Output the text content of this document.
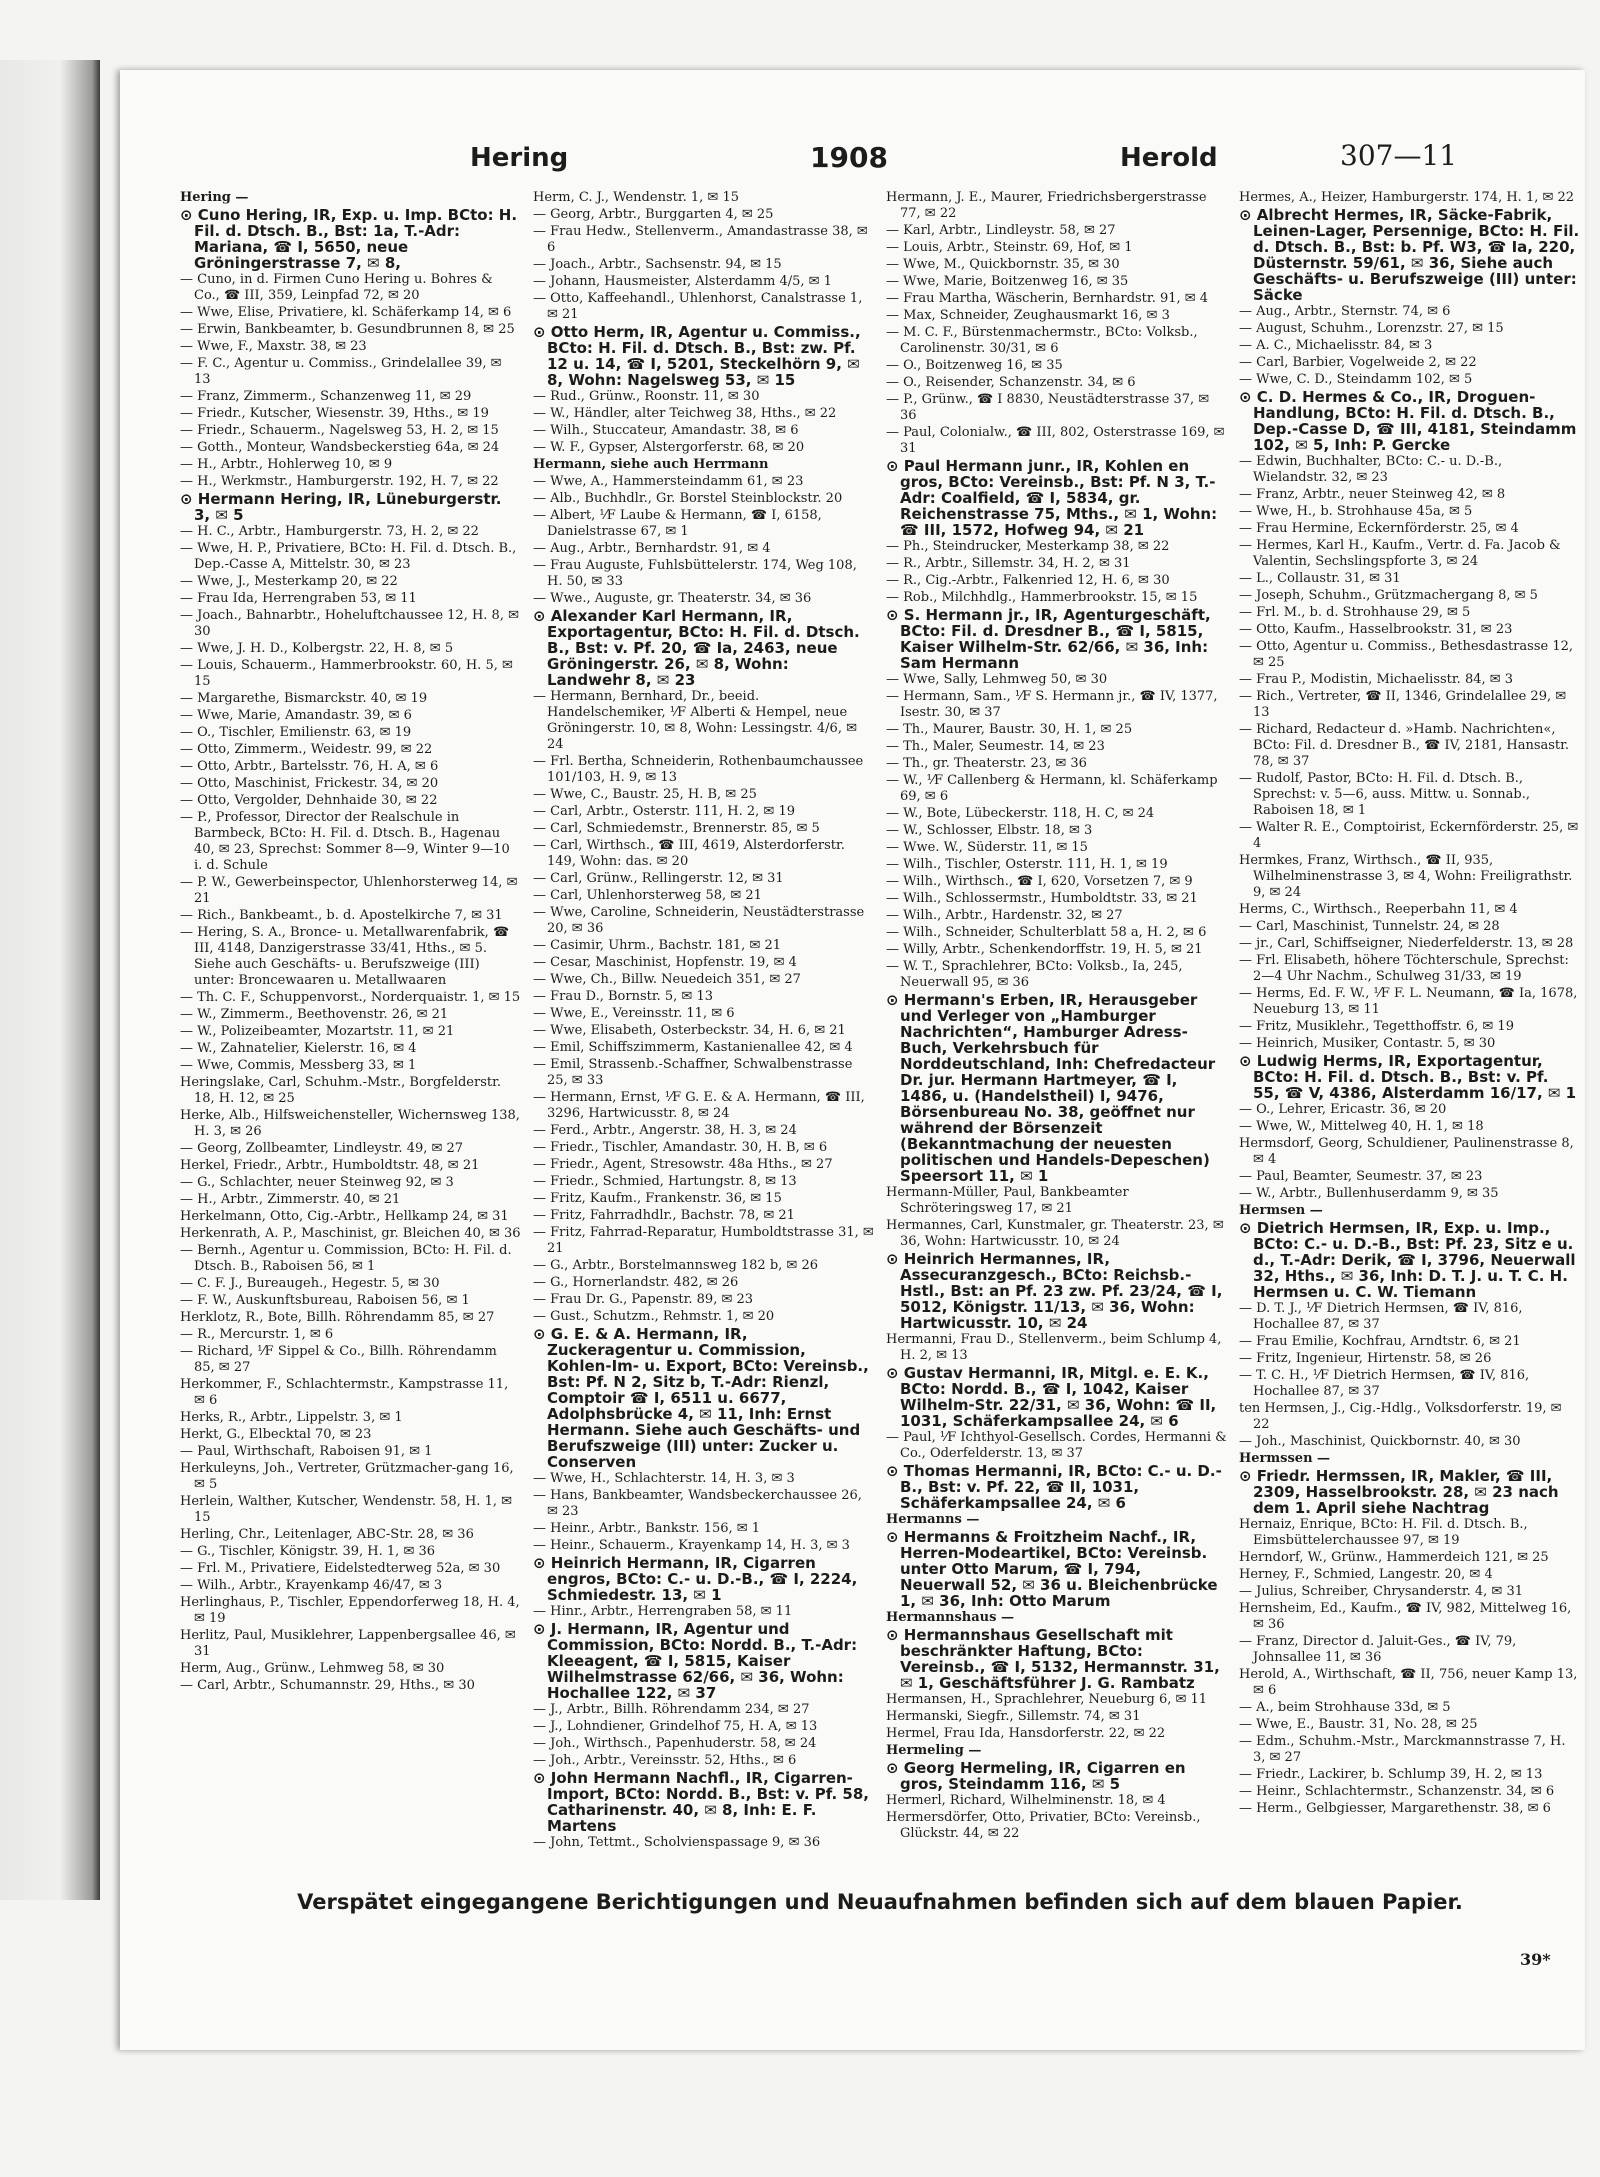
Hering	1908	Herold	307—11

Hering —

⊙ Cuno Hering, IR, Exp. u. Imp. BCto: H. Fil. d. Dtsch. B., Bst: 1a, T.-Adr: Mariana, ☎ I, 5650, neue Gröningerstrasse 7, ✉ 8,

— Cuno, in d. Firmen Cuno Hering u. Bohres & Co., ☎ III, 359, Leinpfad 72, ✉ 20

— Wwe, Elise, Privatiere, kl. Schäferkamp 14, ✉ 6

— Erwin, Bankbeamter, b. Gesundbrunnen 8, ✉ 25

— Wwe, F., Maxstr. 38, ✉ 23

— F. C., Agentur u. Commiss., Grindelallee 39, ✉ 13

— Franz, Zimmerm., Schanzenweg 11, ✉ 29

— Friedr., Kutscher, Wiesenstr. 39, Hths., ✉ 19

— Friedr., Schauerm., Nagelsweg 53, H. 2, ✉ 15

— Gotth., Monteur, Wandsbeckerstieg 64a, ✉ 24

— H., Arbtr., Hohlerweg 10, ✉ 9

— H., Werkmstr., Hamburgerstr. 192, H. 7, ✉ 22

⊙ Hermann Hering, IR, Lüneburgerstr. 3, ✉ 5

— H. C., Arbtr., Hamburgerstr. 73, H. 2, ✉ 22

— Wwe, H. P., Privatiere, BCto: H. Fil. d. Dtsch. B., Dep.-Casse A, Mittelstr. 30, ✉ 23

— Wwe, J., Mesterkamp 20, ✉ 22

— Frau Ida, Herrengraben 53, ✉ 11

— Joach., Bahnarbtr., Hoheluftchaussee 12, H. 8, ✉ 30

— Wwe, J. H. D., Kolbergstr. 22, H. 8, ✉ 5

— Louis, Schauerm., Hammerbrookstr. 60, H. 5, ✉ 15

— Margarethe, Bismarckstr. 40, ✉ 19

— Wwe, Marie, Amandastr. 39, ✉ 6

— O., Tischler, Emilienstr. 63, ✉ 19

— Otto, Zimmerm., Weidestr. 99, ✉ 22

— Otto, Arbtr., Bartelsstr. 76, H. A, ✉ 6

— Otto, Maschinist, Frickestr. 34, ✉ 20

— Otto, Vergolder, Dehnhaide 30, ✉ 22

— P., Professor, Director der Realschule in Barmbeck, BCto: H. Fil. d. Dtsch. B., Hagenau 40, ✉ 23, Sprechst: Sommer 8—9, Winter 9—10 i. d. Schule

— P. W., Gewerbeinspector, Uhlenhorsterweg 14, ✉ 21

— Rich., Bankbeamt., b. d. Apostelkirche 7, ✉ 31

— Hering, S. A., Bronce- u. Metallwarenfabrik, ☎ III, 4148, Danzigerstrasse 33/41, Hths., ✉ 5. Siehe auch Geschäfts- u. Berufszweige (III) unter: Broncewaaren u. Metallwaaren

— Th. C. F., Schuppenvorst., Norderquaistr. 1, ✉ 15

— W., Zimmerm., Beethovenstr. 26, ✉ 21

— W., Polizeibeamter, Mozartstr. 11, ✉ 21

— W., Zahnatelier, Kielerstr. 16, ✉ 4

— Wwe, Commis, Messberg 33, ✉ 1

Heringslake, Carl, Schuhm.-Mstr., Borgfelderstr. 18, H. 12, ✉ 25

Herke, Alb., Hilfsweichensteller, Wichernsweg 138, H. 3, ✉ 26

— Georg, Zollbeamter, Lindleystr. 49, ✉ 27

Herkel, Friedr., Arbtr., Humboldtstr. 48, ✉ 21

— G., Schlachter, neuer Steinweg 92, ✉ 3

— H., Arbtr., Zimmerstr. 40, ✉ 21

Herkelmann, Otto, Cig.-Arbtr., Hellkamp 24, ✉ 31

Herkenrath, A. P., Maschinist, gr. Bleichen 40, ✉ 36

— Bernh., Agentur u. Commission, BCto: H. Fil. d. Dtsch. B., Raboisen 56, ✉ 1

— C. F. J., Bureaugeh., Hegestr. 5, ✉ 30

— F. W., Auskunftsbureau, Raboisen 56, ✉ 1

Herklotz, R., Bote, Billh. Röhrendamm 85, ✉ 27

— R., Mercurstr. 1, ✉ 6

— Richard, ⅟F Sippel & Co., Billh. Röhrendamm 85, ✉ 27

Herkommer, F., Schlachtermstr., Kampstrasse 11, ✉ 6

Herks, R., Arbtr., Lippelstr. 3, ✉ 1

Herkt, G., Elbecktal 70, ✉ 23

— Paul, Wirthschaft, Raboisen 91, ✉ 1

Herkuleyns, Joh., Vertreter, Grützmacher-gang 16, ✉ 5

Herlein, Walther, Kutscher, Wendenstr. 58, H. 1, ✉ 15

Herling, Chr., Leitenlager, ABC-Str. 28, ✉ 36

— G., Tischler, Königstr. 39, H. 1, ✉ 36

— Frl. M., Privatiere, Eidelstedterweg 52a, ✉ 30

— Wilh., Arbtr., Krayenkamp 46/47, ✉ 3

Herlinghaus, P., Tischler, Eppendorferweg 18, H. 4, ✉ 19

Herlitz, Paul, Musiklehrer, Lappenbergsallee 46, ✉ 31

Herm, Aug., Grünw., Lehmweg 58, ✉ 30

— Carl, Arbtr., Schumannstr. 29, Hths., ✉ 30

Herm, C. J., Wendenstr. 1, ✉ 15

— Georg, Arbtr., Burggarten 4, ✉ 25

— Frau Hedw., Stellenverm., Amandastrasse 38, ✉ 6

— Joach., Arbtr., Sachsenstr. 94, ✉ 15

— Johann, Hausmeister, Alsterdamm 4/5, ✉ 1

— Otto, Kaffeehandl., Uhlenhorst, Canalstrasse 1, ✉ 21

⊙ Otto Herm, IR, Agentur u. Commiss., BCto: H. Fil. d. Dtsch. B., Bst: zw. Pf. 12 u. 14, ☎ I, 5201, Steckelhörn 9, ✉ 8, Wohn: Nagelsweg 53, ✉ 15

— Rud., Grünw., Roonstr. 11, ✉ 30

— W., Händler, alter Teichweg 38, Hths., ✉ 22

— Wilh., Stuccateur, Amandastr. 38, ✉ 6

— W. F., Gypser, Alstergorferstr. 68, ✉ 20

Hermann, siehe auch Herrmann

— Wwe, A., Hammersteindamm 61, ✉ 23

— Alb., Buchhdlr., Gr. Borstel Steinblockstr. 20

— Albert, ⅟F Laube & Hermann, ☎ I, 6158, Danielstrasse 67, ✉ 1

— Aug., Arbtr., Bernhardstr. 91, ✉ 4

— Frau Auguste, Fuhlsbüttelerstr. 174, Weg 108, H. 50, ✉ 33

— Wwe., Auguste, gr. Theaterstr. 34, ✉ 36

⊙ Alexander Karl Hermann, IR, Exportagentur, BCto: H. Fil. d. Dtsch. B., Bst: v. Pf. 20, ☎ Ia, 2463, neue Gröningerstr. 26, ✉ 8, Wohn: Landwehr 8, ✉ 23

— Hermann, Bernhard, Dr., beeid. Handelschemiker, ⅟F Alberti & Hempel, neue Gröningerstr. 10, ✉ 8, Wohn: Lessingstr. 4/6, ✉ 24

— Frl. Bertha, Schneiderin, Rothenbaumchaussee 101/103, H. 9, ✉ 13

— Wwe, C., Baustr. 25, H. B, ✉ 25

— Carl, Arbtr., Osterstr. 111, H. 2, ✉ 19

— Carl, Schmiedemstr., Brennerstr. 85, ✉ 5

— Carl, Wirthsch., ☎ III, 4619, Alsterdorferstr. 149, Wohn: das. ✉ 20

— Carl, Grünw., Rellingerstr. 12, ✉ 31

— Carl, Uhlenhorsterweg 58, ✉ 21

— Wwe, Caroline, Schneiderin, Neustädterstrasse 20, ✉ 36

— Casimir, Uhrm., Bachstr. 181, ✉ 21

— Cesar, Maschinist, Hopfenstr. 19, ✉ 4

— Wwe, Ch., Billw. Neuedeich 351, ✉ 27

— Frau D., Bornstr. 5, ✉ 13

— Wwe, E., Vereinsstr. 11, ✉ 6

— Wwe, Elisabeth, Osterbeckstr. 34, H. 6, ✉ 21

— Emil, Schiffszimmerm, Kastanienallee 42, ✉ 4

— Emil, Strassenb.-Schaffner, Schwalbenstrasse 25, ✉ 33

— Hermann, Ernst, ⅟F G. E. & A. Hermann, ☎ III, 3296, Hartwicusstr. 8, ✉ 24

— Ferd., Arbtr., Angerstr. 38, H. 3, ✉ 24

— Friedr., Tischler, Amandastr. 30, H. B, ✉ 6

— Friedr., Agent, Stresowstr. 48a Hths., ✉ 27

— Friedr., Schmied, Hartungstr. 8, ✉ 13

— Fritz, Kaufm., Frankenstr. 36, ✉ 15

— Fritz, Fahrradhdlr., Bachstr. 78, ✉ 21

— Fritz, Fahrrad-Reparatur, Humboldtstrasse 31, ✉ 21

— G., Arbtr., Borstelmannsweg 182 b, ✉ 26

— G., Hornerlandstr. 482, ✉ 26

— Frau Dr. G., Papenstr. 89, ✉ 23

— Gust., Schutzm., Rehmstr. 1, ✉ 20

⊙ G. E. & A. Hermann, IR, Zuckeragentur u. Commission, Kohlen-Im- u. Export, BCto: Vereinsb., Bst: Pf. N 2, Sitz b, T.-Adr: Rienzl, Comptoir ☎ I, 6511 u. 6677, Adolphsbrücke 4, ✉ 11, Inh: Ernst Hermann. Siehe auch Geschäfts- und Berufszweige (III) unter: Zucker u. Conserven

— Wwe, H., Schlachterstr. 14, H. 3, ✉ 3

— Hans, Bankbeamter, Wandsbeckerchaussee 26, ✉ 23

— Heinr., Arbtr., Bankstr. 156, ✉ 1

— Heinr., Schauerm., Krayenkamp 14, H. 3, ✉ 3

⊙ Heinrich Hermann, IR, Cigarren engros, BCto: C.- u. D.-B., ☎ I, 2224, Schmiedestr. 13, ✉ 1

— Hinr., Arbtr., Herrengraben 58, ✉ 11

⊙ J. Hermann, IR, Agentur und Commission, BCto: Nordd. B., T.-Adr: Kleeagent, ☎ I, 5815, Kaiser Wilhelmstrasse 62/66, ✉ 36, Wohn: Hochallee 122, ✉ 37

— J., Arbtr., Billh. Röhrendamm 234, ✉ 27

— J., Lohndiener, Grindelhof 75, H. A, ✉ 13

— Joh., Wirthsch., Papenhuderstr. 58, ✉ 24

— Joh., Arbtr., Vereinsstr. 52, Hths., ✉ 6

⊙ John Hermann Nachfl., IR, Cigarren-Import, BCto: Nordd. B., Bst: v. Pf. 58, Catharinenstr. 40, ✉ 8, Inh: E. F. Martens

— John, Tettmt., Scholvienspassage 9, ✉ 36

Hermann, J. E., Maurer, Friedrichsbergerstrasse 77, ✉ 22

— Karl, Arbtr., Lindleystr. 58, ✉ 27

— Louis, Arbtr., Steinstr. 69, Hof, ✉ 1

— Wwe, M., Quickbornstr. 35, ✉ 30

— Wwe, Marie, Boitzenweg 16, ✉ 35

— Frau Martha, Wäscherin, Bernhardstr. 91, ✉ 4

— Max, Schneider, Zeughausmarkt 16, ✉ 3

— M. C. F., Bürstenmachermstr., BCto: Volksb., Carolinenstr. 30/31, ✉ 6

— O., Boitzenweg 16, ✉ 35

— O., Reisender, Schanzenstr. 34, ✉ 6

— P., Grünw., ☎ I 8830, Neustädterstrasse 37, ✉ 36

— Paul, Colonialw., ☎ III, 802, Osterstrasse 169, ✉ 31

⊙ Paul Hermann junr., IR, Kohlen en gros, BCto: Vereinsb., Bst: Pf. N 3, T.-Adr: Coalfield, ☎ I, 5834, gr. Reichenstrasse 75, Mths., ✉ 1, Wohn: ☎ III, 1572, Hofweg 94, ✉ 21

— Ph., Steindrucker, Mesterkamp 38, ✉ 22

— R., Arbtr., Sillemstr. 34, H. 2, ✉ 31

— R., Cig.-Arbtr., Falkenried 12, H. 6, ✉ 30

— Rob., Milchhdlg., Hammerbrookstr. 15, ✉ 15

⊙ S. Hermann jr., IR, Agenturgeschäft, BCto: Fil. d. Dresdner B., ☎ I, 5815, Kaiser Wilhelm-Str. 62/66, ✉ 36, Inh: Sam Hermann

— Wwe, Sally, Lehmweg 50, ✉ 30

— Hermann, Sam., ⅟F S. Hermann jr., ☎ IV, 1377, Isestr. 30, ✉ 37

— Th., Maurer, Baustr. 30, H. 1, ✉ 25

— Th., Maler, Seumestr. 14, ✉ 23

— Th., gr. Theaterstr. 23, ✉ 36

— W., ⅟F Callenberg & Hermann, kl. Schäferkamp 69, ✉ 6

— W., Bote, Lübeckerstr. 118, H. C, ✉ 24

— W., Schlosser, Elbstr. 18, ✉ 3

— Wwe. W., Süderstr. 11, ✉ 15

— Wilh., Tischler, Osterstr. 111, H. 1, ✉ 19

— Wilh., Wirthsch., ☎ I, 620, Vorsetzen 7, ✉ 9

— Wilh., Schlossermstr., Humboldtstr. 33, ✉ 21

— Wilh., Arbtr., Hardenstr. 32, ✉ 27

— Wilh., Schneider, Schulterblatt 58 a, H. 2, ✉ 6

— Willy, Arbtr., Schenkendorffstr. 19, H. 5, ✉ 21

— W. T., Sprachlehrer, BCto: Volksb., Ia, 245, Neuerwall 95, ✉ 36

⊙ Hermann's Erben, IR, Herausgeber und Verleger von „Hamburger Nachrichten“, Hamburger Adress-Buch, Verkehrsbuch für Norddeutschland, Inh: Chefredacteur Dr. jur. Hermann Hartmeyer, ☎ I, 1486, u. (Handelstheil) I, 9476, Börsenbureau No. 38, geöffnet nur während der Börsenzeit (Bekanntmachung der neuesten politischen und Handels-Depeschen) Speersort 11, ✉ 1

Hermann-Müller, Paul, Bankbeamter Schröteringsweg 17, ✉ 21

Hermannes, Carl, Kunstmaler, gr. Theaterstr. 23, ✉ 36, Wohn: Hartwicusstr. 10, ✉ 24

⊙ Heinrich Hermannes, IR, Assecuranzgesch., BCto: Reichsb.-Hstl., Bst: an Pf. 23 zw. Pf. 23/24, ☎ I, 5012, Königstr. 11/13, ✉ 36, Wohn: Hartwicusstr. 10, ✉ 24

Hermanni, Frau D., Stellenverm., beim Schlump 4, H. 2, ✉ 13

⊙ Gustav Hermanni, IR, Mitgl. e. E. K., BCto: Nordd. B., ☎ I, 1042, Kaiser Wilhelm-Str. 22/31, ✉ 36, Wohn: ☎ II, 1031, Schäferkampsallee 24, ✉ 6

— Paul, ⅟F Ichthyol-Gesellsch. Cordes, Hermanni & Co., Oderfelderstr. 13, ✉ 37

⊙ Thomas Hermanni, IR, BCto: C.- u. D.-B., Bst: v. Pf. 22, ☎ II, 1031, Schäferkampsallee 24, ✉ 6

Hermanns —

⊙ Hermanns & Froitzheim Nachf., IR, Herren-Modeartikel, BCto: Vereinsb. unter Otto Marum, ☎ I, 794, Neuerwall 52, ✉ 36 u. Bleichenbrücke 1, ✉ 36, Inh: Otto Marum

Hermannshaus —

⊙ Hermannshaus Gesellschaft mit beschränkter Haftung, BCto: Vereinsb., ☎ I, 5132, Hermannstr. 31, ✉ 1, Geschäftsführer J. G. Rambatz

Hermansen, H., Sprachlehrer, Neueburg 6, ✉ 11

Hermanski, Siegfr., Sillemstr. 74, ✉ 31

Hermel, Frau Ida, Hansdorferstr. 22, ✉ 22

Hermeling —

⊙ Georg Hermeling, IR, Cigarren en gros, Steindamm 116, ✉ 5

Hermerl, Richard, Wilhelminenstr. 18, ✉ 4

Hermersdörfer, Otto, Privatier, BCto: Vereinsb., Glückstr. 44, ✉ 22

Hermes, A., Heizer, Hamburgerstr. 174, H. 1, ✉ 22

⊙ Albrecht Hermes, IR, Säcke-Fabrik, Leinen-Lager, Persennige, BCto: H. Fil. d. Dtsch. B., Bst: b. Pf. W3, ☎ Ia, 220, Düsternstr. 59/61, ✉ 36, Siehe auch Geschäfts- u. Berufszweige (III) unter: Säcke

— Aug., Arbtr., Sternstr. 74, ✉ 6

— August, Schuhm., Lorenzstr. 27, ✉ 15

— A. C., Michaelisstr. 84, ✉ 3

— Carl, Barbier, Vogelweide 2, ✉ 22

— Wwe, C. D., Steindamm 102, ✉ 5

⊙ C. D. Hermes & Co., IR, Droguen-Handlung, BCto: H. Fil. d. Dtsch. B., Dep.-Casse D, ☎ III, 4181, Steindamm 102, ✉ 5, Inh: P. Gercke

— Edwin, Buchhalter, BCto: C.- u. D.-B., Wielandstr. 32, ✉ 23

— Franz, Arbtr., neuer Steinweg 42, ✉ 8

— Wwe, H., b. Strohhause 45a, ✉ 5

— Frau Hermine, Eckernförderstr. 25, ✉ 4

— Hermes, Karl H., Kaufm., Vertr. d. Fa. Jacob & Valentin, Sechslingspforte 3, ✉ 24

— L., Collaustr. 31, ✉ 31

— Joseph, Schuhm., Grützmachergang 8, ✉ 5

— Frl. M., b. d. Strohhause 29, ✉ 5

— Otto, Kaufm., Hasselbrookstr. 31, ✉ 23

— Otto, Agentur u. Commiss., Bethesdastrasse 12, ✉ 25

— Frau P., Modistin, Michaelisstr. 84, ✉ 3

— Rich., Vertreter, ☎ II, 1346, Grindelallee 29, ✉ 13

— Richard, Redacteur d. »Hamb. Nachrichten«, BCto: Fil. d. Dresdner B., ☎ IV, 2181, Hansastr. 78, ✉ 37

— Rudolf, Pastor, BCto: H. Fil. d. Dtsch. B., Sprechst: v. 5—6, auss. Mittw. u. Sonnab., Raboisen 18, ✉ 1

— Walter R. E., Comptoirist, Eckernförderstr. 25, ✉ 4

Hermkes, Franz, Wirthsch., ☎ II, 935, Wilhelminenstrasse 3, ✉ 4, Wohn: Freiligrathstr. 9, ✉ 24

Herms, C., Wirthsch., Reeperbahn 11, ✉ 4

— Carl, Maschinist, Tunnelstr. 24, ✉ 28

— jr., Carl, Schiffseigner, Niederfelderstr. 13, ✉ 28

— Frl. Elisabeth, höhere Töchterschule, Sprechst: 2—4 Uhr Nachm., Schulweg 31/33, ✉ 19

— Herms, Ed. F. W., ⅟F F. L. Neumann, ☎ Ia, 1678, Neueburg 13, ✉ 11

— Fritz, Musiklehr., Tegetthoffstr. 6, ✉ 19

— Heinrich, Musiker, Contastr. 5, ✉ 30

⊙ Ludwig Herms, IR, Exportagentur, BCto: H. Fil. d. Dtsch. B., Bst: v. Pf. 55, ☎ V, 4386, Alsterdamm 16/17, ✉ 1

— O., Lehrer, Ericastr. 36, ✉ 20

— Wwe, W., Mittelweg 40, H. 1, ✉ 18

Hermsdorf, Georg, Schuldiener, Paulinenstrasse 8, ✉ 4

— Paul, Beamter, Seumestr. 37, ✉ 23

— W., Arbtr., Bullenhuserdamm 9, ✉ 35

Hermsen —

⊙ Dietrich Hermsen, IR, Exp. u. Imp., BCto: C.- u. D.-B., Bst: Pf. 23, Sitz e u. d., T.-Adr: Derik, ☎ I, 3796, Neuerwall 32, Hths., ✉ 36, Inh: D. T. J. u. T. C. H. Hermsen u. C. W. Tiemann

— D. T. J., ⅟F Dietrich Hermsen, ☎ IV, 816, Hochallee 87, ✉ 37

— Frau Emilie, Kochfrau, Arndtstr. 6, ✉ 21

— Fritz, Ingenieur, Hirtenstr. 58, ✉ 26

— T. C. H., ⅟F Dietrich Hermsen, ☎ IV, 816, Hochallee 87, ✉ 37

ten Hermsen, J., Cig.-Hdlg., Volksdorferstr. 19, ✉ 22

— Joh., Maschinist, Quickbornstr. 40, ✉ 30

Hermssen —

⊙ Friedr. Hermssen, IR, Makler, ☎ III, 2309, Hasselbrookstr. 28, ✉ 23 nach dem 1. April siehe Nachtrag

Hernaiz, Enrique, BCto: H. Fil. d. Dtsch. B., Eimsbüttelerchaussee 97, ✉ 19

Herndorf, W., Grünw., Hammerdeich 121, ✉ 25

Herney, F., Schmied, Langestr. 20, ✉ 4

— Julius, Schreiber, Chrysanderstr. 4, ✉ 31

Hernsheim, Ed., Kaufm., ☎ IV, 982, Mittelweg 16, ✉ 36

— Franz, Director d. Jaluit-Ges., ☎ IV, 79, Johnsallee 11, ✉ 36

Herold, A., Wirthschaft, ☎ II, 756, neuer Kamp 13, ✉ 6

— A., beim Strohhause 33d, ✉ 5

— Wwe, E., Baustr. 31, No. 28, ✉ 25

— Edm., Schuhm.-Mstr., Marckmannstrasse 7, H. 3, ✉ 27

— Friedr., Lackirer, b. Schlump 39, H. 2, ✉ 13

— Heinr., Schlachtermstr., Schanzenstr. 34, ✉ 6

— Herm., Gelbgiesser, Margarethenstr. 38, ✉ 6

Verspätet eingegangene Berichtigungen und Neuaufnahmen befinden sich auf dem blauen Papier.
39*
